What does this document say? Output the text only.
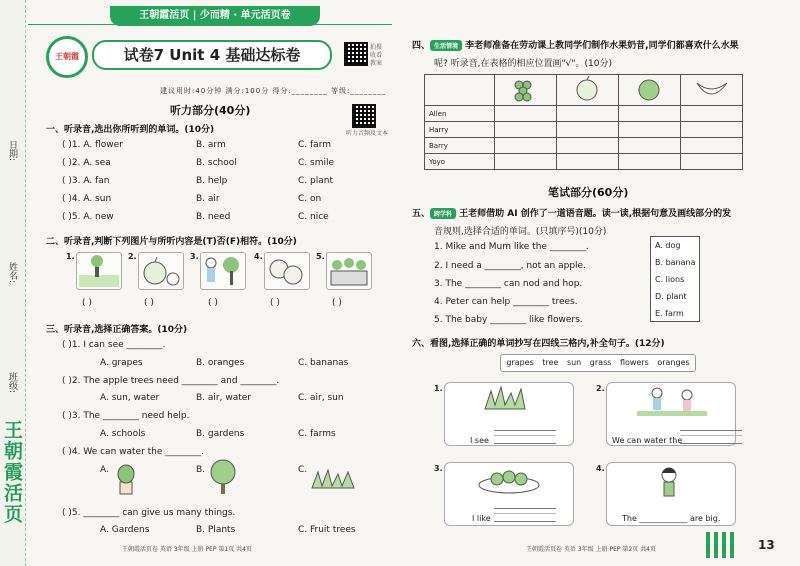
日期:
姓名:
班级:
王朝霞活页
王朝霞活页 | 少而精 · 单元活页卷
王朝霞	试卷7 Unit 4 基础达标卷	拍摄 收看 教案
听力音频及文本
建议用时:40分钟 满分:100分 得分:________ 等级:________
听力部分(40分)
一、听录音,选出你所听到的单词。(10分)
( )1. A. flower	B. arm	C. farm
( )2. A. sea	B. school	C. smile
( )3. A. fan	B. help	C. plant
( )4. A. sun	B. air	C. on
( )5. A. new	B. need	C. nice
二、听录音,判断下列图片与所听内容是(T)否(F)相符。(10分)
1.	2.	3.	4.	5.
( )	( )	( )	( )	( )
三、听录音,选择正确答案。(10分)
( )1. I can see ________.
A. grapes	B. oranges	C. bananas
( )2. The apple trees need ________ and ________.
A. sun, water	B. air, water	C. air, sun
( )3. The ________ need help.
A. schools	B. gardens	C. farms
( )4. We can water the ________.
A.	B.	C.
( )5. ________ can give us many things.
A. Gardens	B. Plants	C. Fruit trees
王朝霞活页卷 英语 3年级 上册 PEP 第1页 共4页
四、 生活情境 李老师准备在劳动课上教同学们制作水果奶昔,同学们都喜欢什么水果
呢? 听录音,在表格的相应位置画"√"。(10分)

Allen				
Harry				
Barry				
Yoyo				
笔试部分(60分)
五、 跨学科 王老师借助 AI 创作了一道语音题。读一读,根据句意及画线部分的发
音规则,选择合适的单词。(只填序号)(10分)
1. Mike and Mum like the ________.
2. I need a ________, not an apple.
3. The ________ can nod and hop.
4. Peter can help ________ trees.
5. The baby ________ like flowers.
A. dog
B. banana
C. lions
D. plant
E. farm
六、看图,选择正确的单词抄写在四线三格内,补全句子。(12分)
grapes tree sun grass flowers oranges
1.
I see
2.
We can water the
3.
I like
4.
The ____________ are big.
王朝霞活页卷 英语 3年级 上册 PEP 第2页 共4页	13
